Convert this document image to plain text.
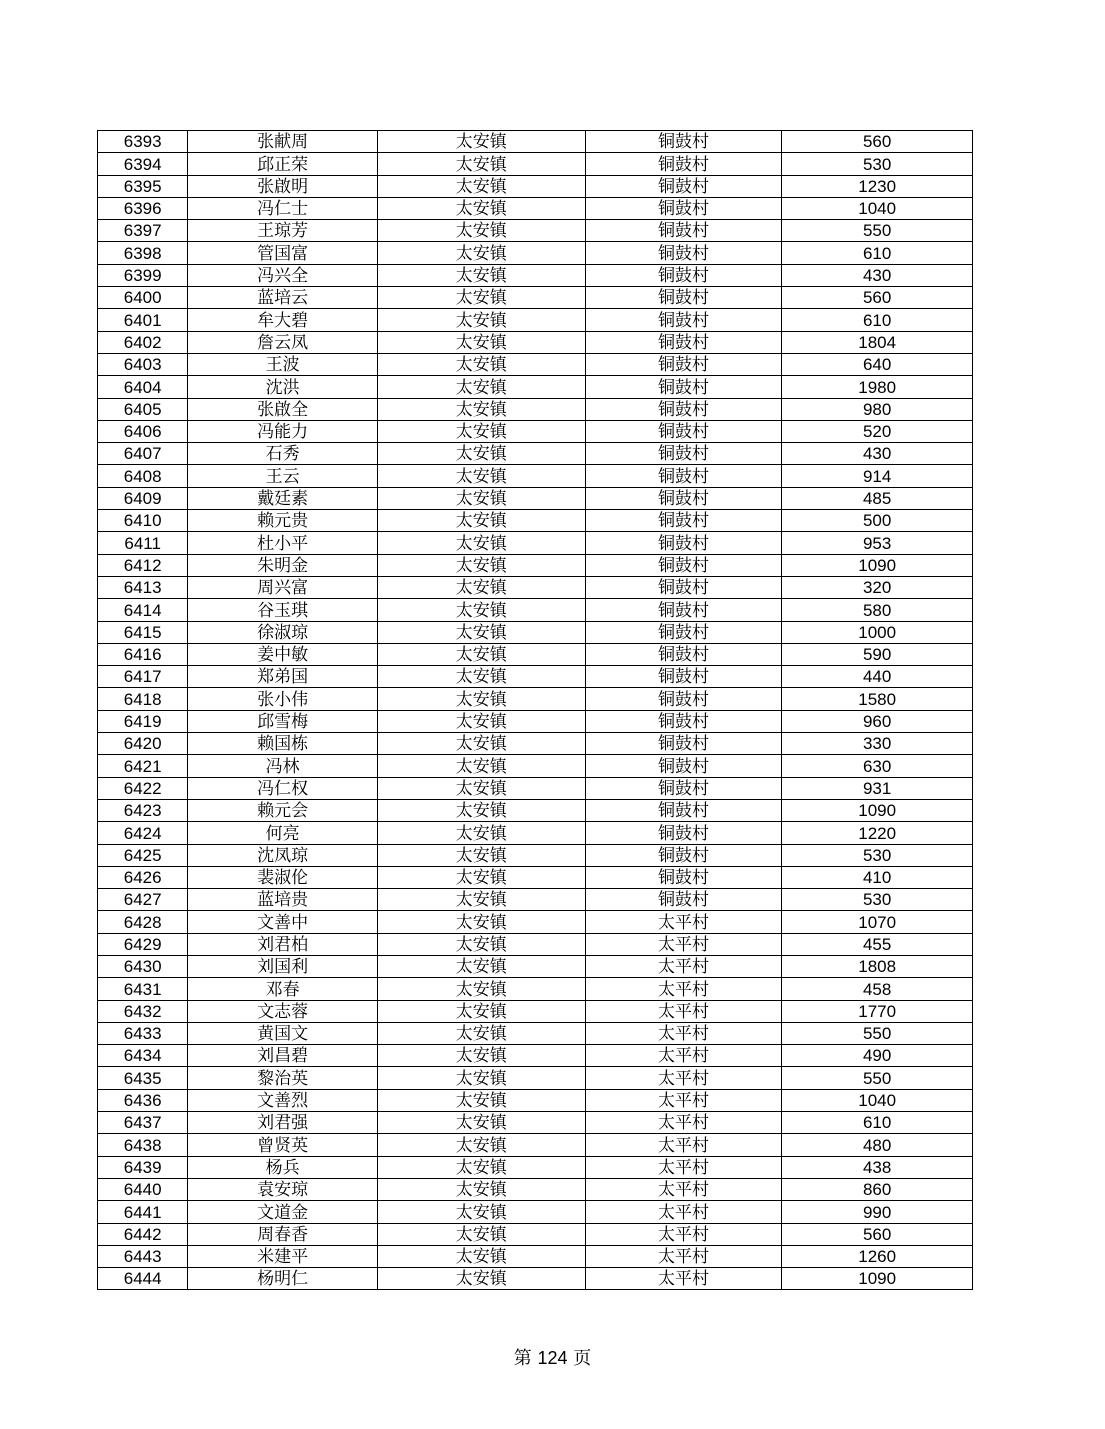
6393	张献周	太安镇	铜鼓村	560
6394	邱正荣	太安镇	铜鼓村	530
6395	张啟明	太安镇	铜鼓村	1230
6396	冯仁士	太安镇	铜鼓村	1040
6397	王琼芳	太安镇	铜鼓村	550
6398	管国富	太安镇	铜鼓村	610
6399	冯兴全	太安镇	铜鼓村	430
6400	蓝培云	太安镇	铜鼓村	560
6401	牟大碧	太安镇	铜鼓村	610
6402	詹云凤	太安镇	铜鼓村	1804
6403	王波	太安镇	铜鼓村	640
6404	沈洪	太安镇	铜鼓村	1980
6405	张啟全	太安镇	铜鼓村	980
6406	冯能力	太安镇	铜鼓村	520
6407	石秀	太安镇	铜鼓村	430
6408	王云	太安镇	铜鼓村	914
6409	戴廷素	太安镇	铜鼓村	485
6410	赖元贵	太安镇	铜鼓村	500
6411	杜小平	太安镇	铜鼓村	953
6412	朱明金	太安镇	铜鼓村	1090
6413	周兴富	太安镇	铜鼓村	320
6414	谷玉琪	太安镇	铜鼓村	580
6415	徐淑琼	太安镇	铜鼓村	1000
6416	姜中敏	太安镇	铜鼓村	590
6417	郑弟国	太安镇	铜鼓村	440
6418	张小伟	太安镇	铜鼓村	1580
6419	邱雪梅	太安镇	铜鼓村	960
6420	赖国栋	太安镇	铜鼓村	330
6421	冯林	太安镇	铜鼓村	630
6422	冯仁权	太安镇	铜鼓村	931
6423	赖元会	太安镇	铜鼓村	1090
6424	何亮	太安镇	铜鼓村	1220
6425	沈凤琼	太安镇	铜鼓村	530
6426	裴淑伦	太安镇	铜鼓村	410
6427	蓝培贵	太安镇	铜鼓村	530
6428	文善中	太安镇	太平村	1070
6429	刘君柏	太安镇	太平村	455
6430	刘国利	太安镇	太平村	1808
6431	邓春	太安镇	太平村	458
6432	文志蓉	太安镇	太平村	1770
6433	黄国文	太安镇	太平村	550
6434	刘昌碧	太安镇	太平村	490
6435	黎治英	太安镇	太平村	550
6436	文善烈	太安镇	太平村	1040
6437	刘君强	太安镇	太平村	610
6438	曾贤英	太安镇	太平村	480
6439	杨兵	太安镇	太平村	438
6440	袁安琼	太安镇	太平村	860
6441	文道金	太安镇	太平村	990
6442	周春香	太安镇	太平村	560
6443	米建平	太安镇	太平村	1260
6444	杨明仁	太安镇	太平村	1090
第 124 页
